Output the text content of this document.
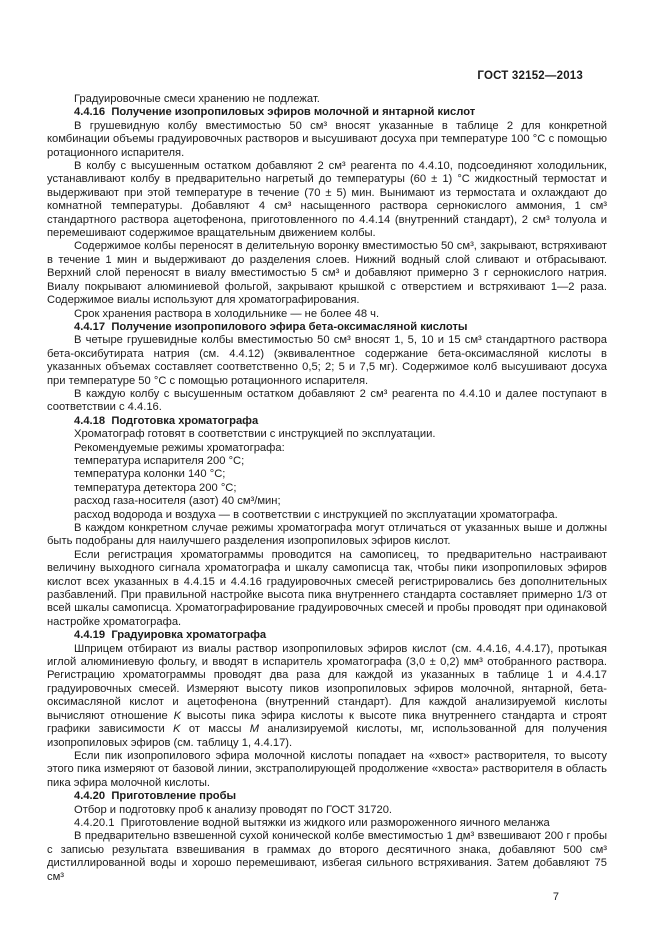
ГОСТ 32152—2013

Градуировочные смеси хранению не подлежат.

4.4.16  Получение изопропиловых эфиров молочной и янтарной кислот

В грушевидную колбу вместимостью 50 см³ вносят указанные в таблице 2 для конкретной комбинации объемы градуировочных растворов и высушивают досуха при температуре 100 °С с помощью ротационного испарителя.

В колбу с высушенным остатком добавляют 2 см³ реагента по 4.4.10, подсоединяют холодильник, устанавливают колбу в предварительно нагретый до температуры (60 ± 1) °С жидкостный термостат и выдерживают при этой температуре в течение (70 ± 5) мин. Вынимают из термостата и охлаждают до комнатной температуры. Добавляют 4 см³ насыщенного раствора сернокислого аммония, 1 см³ стандартного раствора ацетофенона, приготовленного по 4.4.14 (внутренний стандарт), 2 см³ толуола и перемешивают содержимое вращательным движением колбы.

Содержимое колбы переносят в делительную воронку вместимостью 50 см³, закрывают, встряхивают в течение 1 мин и выдерживают до разделения слоев. Нижний водный слой сливают и отбрасывают. Верхний слой переносят в виалу вместимостью 5 см³ и добавляют примерно 3 г сернокислого натрия. Виалу покрывают алюминиевой фольгой, закрывают крышкой с отверстием и встряхивают 1—2 раза. Содержимое виалы используют для хроматографирования.

Срок хранения раствора в холодильнике — не более 48 ч.

4.4.17  Получение изопропилового эфира бета-оксимасляной кислоты

В четыре грушевидные колбы вместимостью 50 см³ вносят 1, 5, 10 и 15 см³ стандартного раствора бета-оксибутирата натрия (см. 4.4.12) (эквивалентное содержание бета-оксимасляной кислоты в указанных объемах составляет соответственно 0,5; 2; 5 и 7,5 мг). Содержимое колб высушивают досуха при температуре 50 °С с помощью ротационного испарителя.

В каждую колбу с высушенным остатком добавляют 2 см³ реагента по 4.4.10 и далее поступают в соответствии с 4.4.16.

4.4.18  Подготовка хроматографа

Хроматограф готовят в соответствии с инструкцией по эксплуатации.

Рекомендуемые режимы хроматографа:

температура испарителя 200 °С;

температура колонки 140 °С;

температура детектора 200 °С;

расход газа-носителя (азот) 40 см³/мин;

расход водорода и воздуха — в соответствии с инструкцией по эксплуатации хроматографа.

В каждом конкретном случае режимы хроматографа могут отличаться от указанных выше и должны быть подобраны для наилучшего разделения изопропиловых эфиров кислот.

Если регистрация хроматограммы проводится на самописец, то предварительно настраивают величину выходного сигнала хроматографа и шкалу самописца так, чтобы пики изопропиловых эфиров кислот всех указанных в 4.4.15 и 4.4.16 градуировочных смесей регистрировались без дополнительных разбавлений. При правильной настройке высота пика внутреннего стандарта составляет примерно 1/3 от всей шкалы самописца. Хроматографирование градуировочных смесей и пробы проводят при одинаковой настройке хроматографа.

4.4.19  Градуировка хроматографа

Шприцем отбирают из виалы раствор изопропиловых эфиров кислот (см. 4.4.16, 4.4.17), протыкая иглой алюминиевую фольгу, и вводят в испаритель хроматографа (3,0 ± 0,2) мм³ отобранного раствора. Регистрацию хроматограммы проводят два раза для каждой из указанных в таблице 1 и 4.4.17 градуировочных смесей. Измеряют высоту пиков изопропиловых эфиров молочной, янтарной, бета-оксимасляной кислот и ацетофенона (внутренний стандарт). Для каждой анализируемой кислоты вычисляют отношение K высоты пика эфира кислоты к высоте пика внутреннего стандарта и строят графики зависимости K от массы M анализируемой кислоты, мг, использованной для получения изопропиловых эфиров (см. таблицу 1, 4.4.17).

Если пик изопропилового эфира молочной кислоты попадает на «хвост» растворителя, то высоту этого пика измеряют от базовой линии, экстраполирующей продолжение «хвоста» растворителя в область пика эфира молочной кислоты.

4.4.20  Приготовление пробы

Отбор и подготовку проб к анализу проводят по ГОСТ 31720.

4.4.20.1  Приготовление водной вытяжки из жидкого или размороженного яичного меланжа

В предварительно взвешенной сухой конической колбе вместимостью 1 дм³ взвешивают 200 г пробы с записью результата взвешивания в граммах до второго десятичного знака, добавляют 500 см³ дистиллированной воды и хорошо перемешивают, избегая сильного встряхивания. Затем добавляют 75 см³

7
